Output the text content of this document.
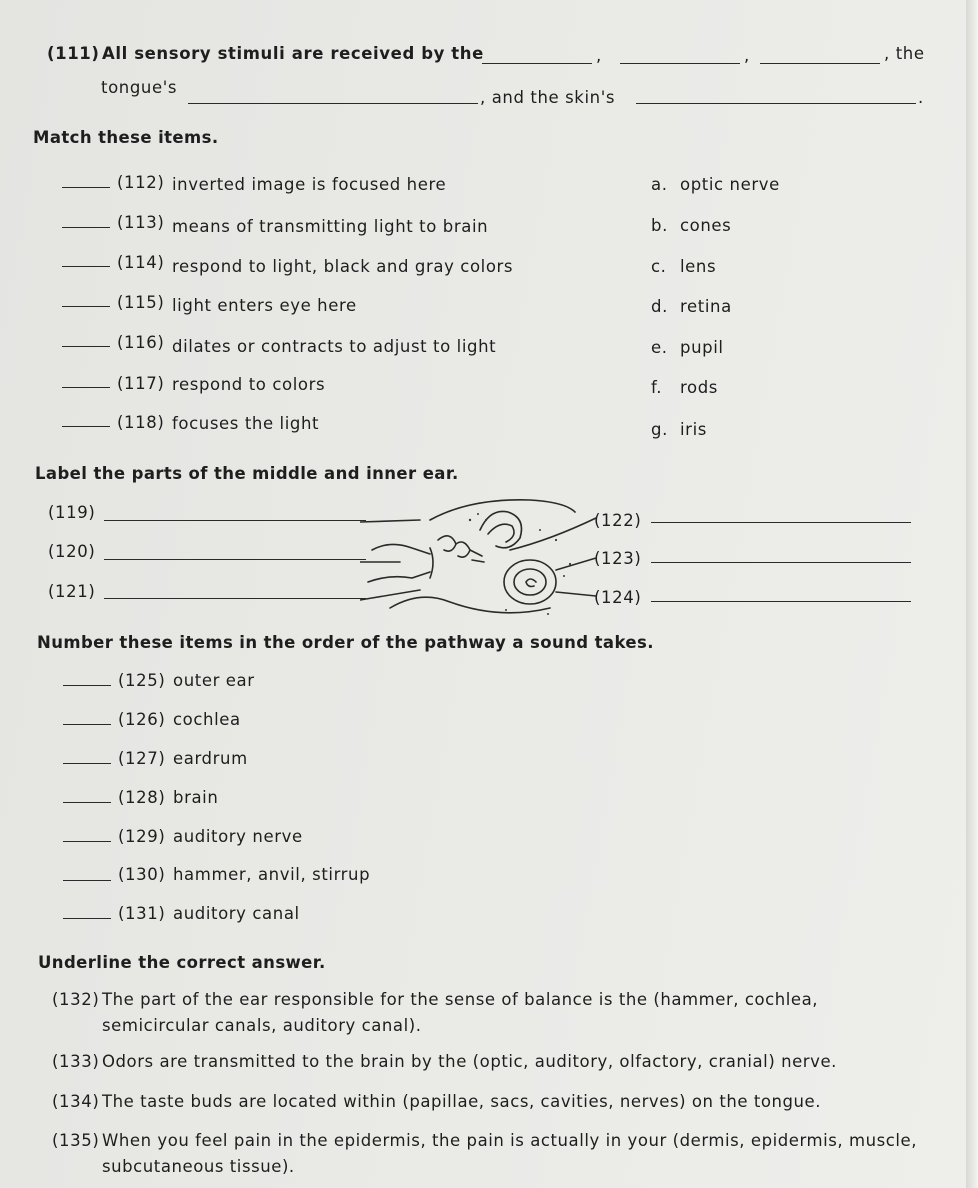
(111) All sensory stimuli are received by the	,	,	, the
tongue's
, and the skin's	.
Match these items.
(112) inverted image is focused here
(113) means of transmitting light to brain
(114) respond to light, black and gray colors
(115) light enters eye here
(116) dilates or contracts to adjust to light
(117) respond to colors
(118) focuses the light
a. optic nerve
b. cones
c. lens
d. retina
e. pupil
f. rods
g. iris
Label the parts of the middle and inner ear.
(119)
(120)
(121)
(122)
(123)
(124)
Number these items in the order of the pathway a sound takes.
(125) outer ear
(126) cochlea
(127) eardrum
(128) brain
(129) auditory nerve
(130) hammer, anvil, stirrup
(131) auditory canal
Underline the correct answer.
(132) The part of the ear responsible for the sense of balance is the (hammer, cochlea, semicircular canals, auditory canal).
(133) Odors are transmitted to the brain by the (optic, auditory, olfactory, cranial) nerve.
(134) The taste buds are located within (papillae, sacs, cavities, nerves) on the tongue.
(135) When you feel pain in the epidermis, the pain is actually in your (dermis, epidermis, muscle, subcutaneous tissue).
